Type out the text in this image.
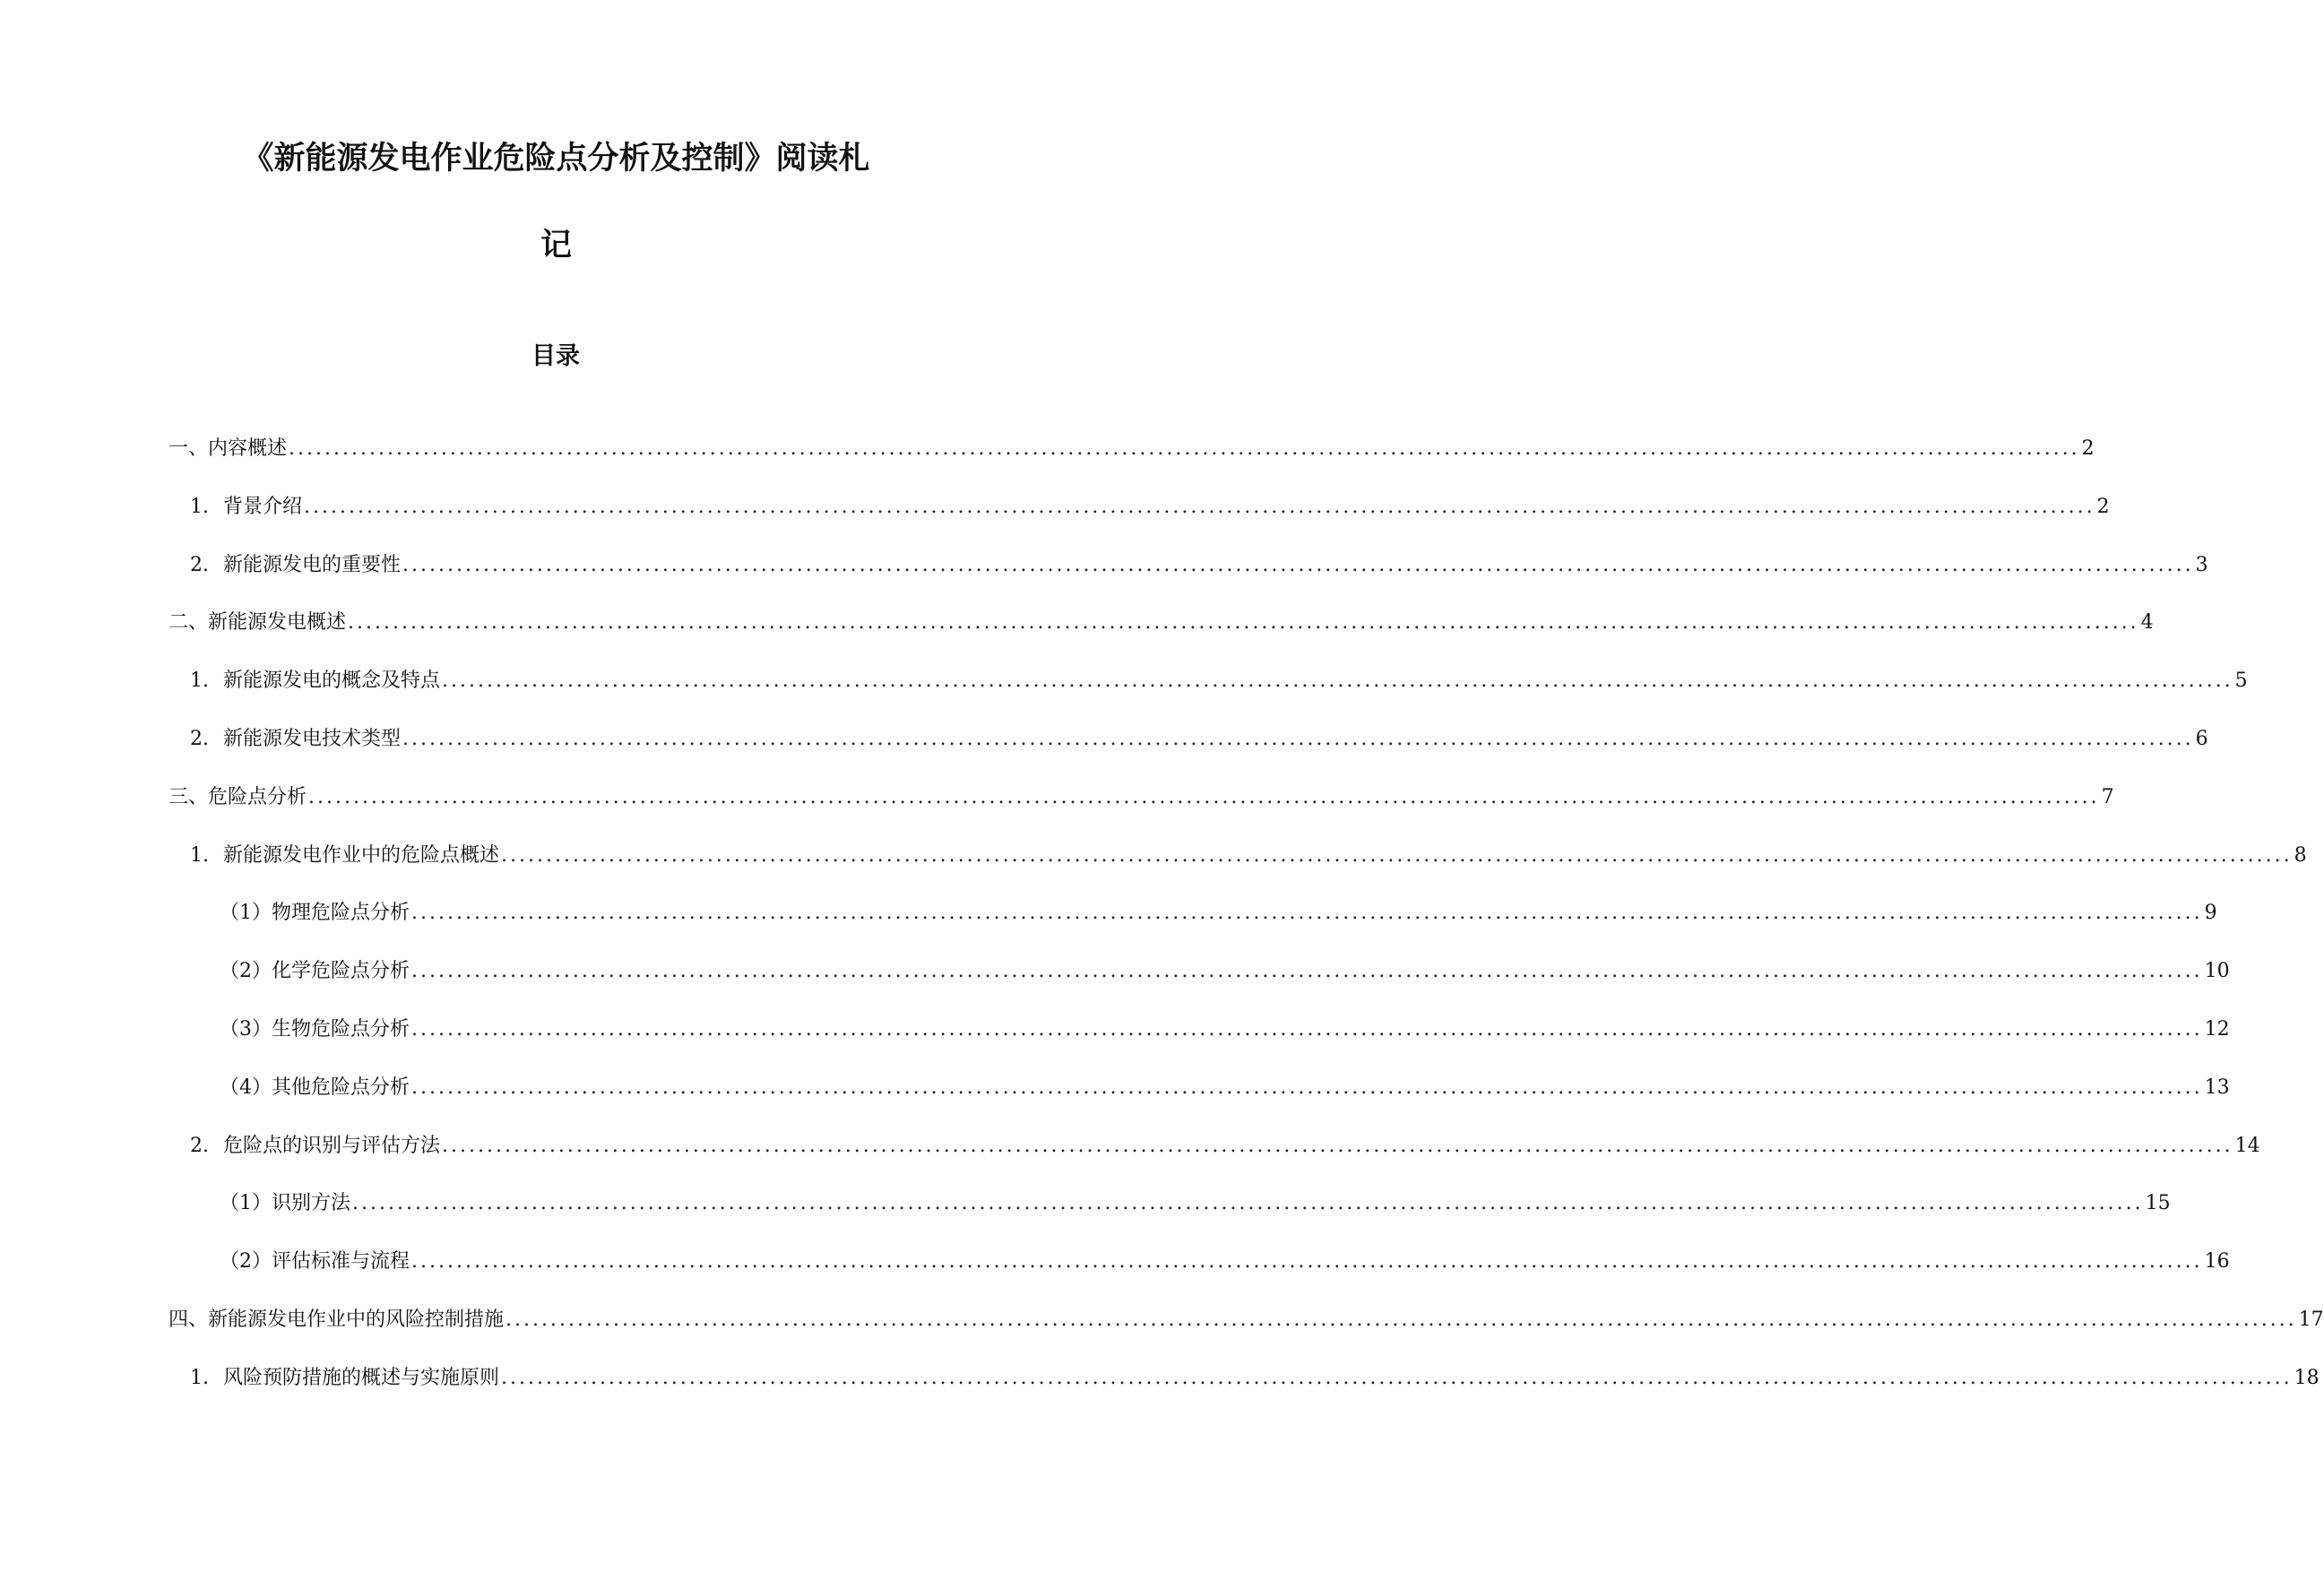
《新能源发电作业危险点分析及控制》阅读札
记
目录
一、 内容概述 ........................................................................................................................................................................................................ 2
1. 背景介绍 ........................................................................................................................................................................................................ 2
2. 新能源发电的重要性 ........................................................................................................................................................................................................ 3
二、 新能源发电概述 ........................................................................................................................................................................................................ 4
1. 新能源发电的概念及特点 ........................................................................................................................................................................................................ 5
2. 新能源发电技术类型 ........................................................................................................................................................................................................ 6
三、 危险点分析 ........................................................................................................................................................................................................ 7
1. 新能源发电作业中的危险点概述 ........................................................................................................................................................................................................ 8
（1） 物理危险点分析 ........................................................................................................................................................................................................ 9
（2） 化学危险点分析 ........................................................................................................................................................................................................ 10
（3） 生物危险点分析 ........................................................................................................................................................................................................ 12
（4） 其他危险点分析 ........................................................................................................................................................................................................ 13
2. 危险点的识别与评估方法 ........................................................................................................................................................................................................ 14
（1） 识别方法 ........................................................................................................................................................................................................ 15
（2） 评估标准与流程 ........................................................................................................................................................................................................ 16
四、 新能源发电作业中的风险控制措施 ........................................................................................................................................................................................................ 17
1. 风险预防措施的概述与实施原则 ........................................................................................................................................................................................................ 18
